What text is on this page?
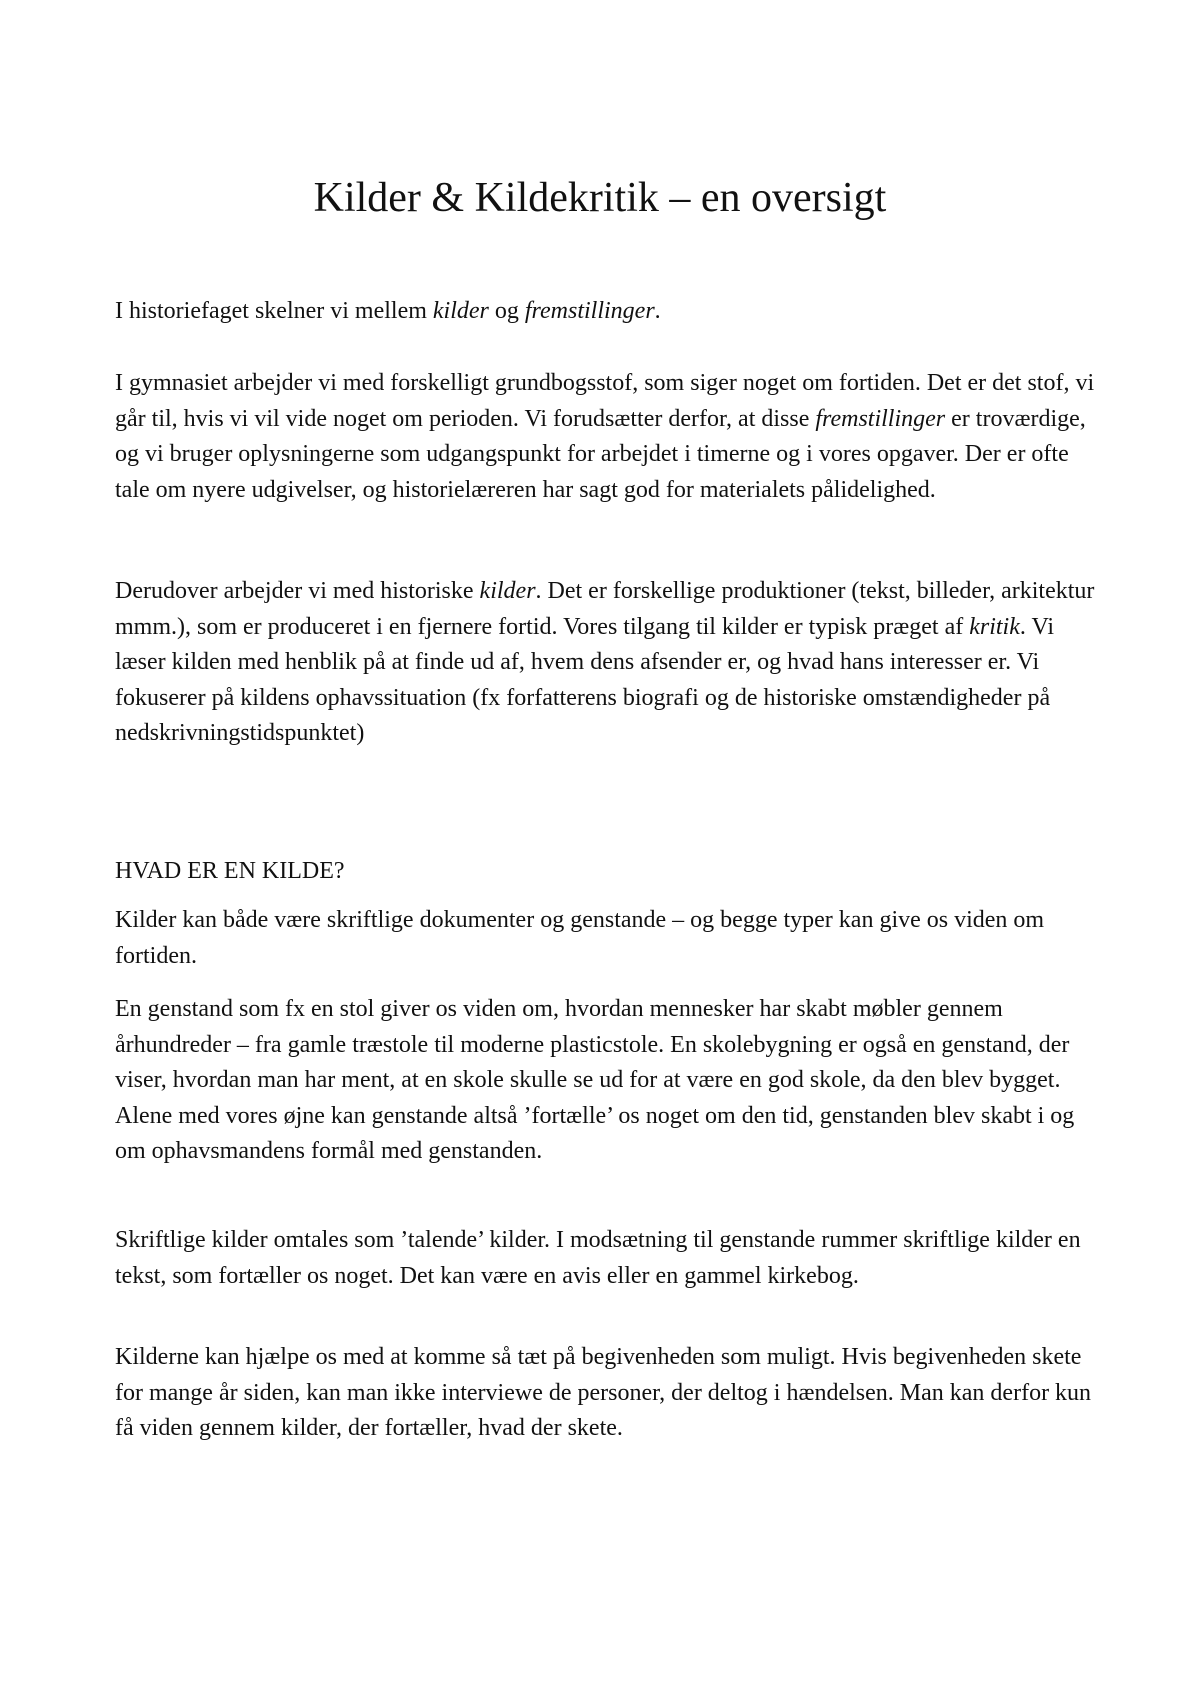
Kilder & Kildekritik – en oversigt

I historiefaget skelner vi mellem kilder og fremstillinger.

I gymnasiet arbejder vi med forskelligt grundbogsstof, som siger noget om fortiden. Det er det stof, vi går til, hvis vi vil vide noget om perioden. Vi forudsætter derfor, at disse fremstillinger er troværdige, og vi bruger oplysningerne som udgangspunkt for arbejdet i timerne og i vores opgaver. Der er ofte tale om nyere udgivelser, og historielæreren har sagt god for materialets pålidelighed.

Derudover arbejder vi med historiske kilder. Det er forskellige produktioner (tekst, billeder, arkitektur mmm.), som er produceret i en fjernere fortid. Vores tilgang til kilder er typisk præget af kritik. Vi læser kilden med henblik på at finde ud af, hvem dens afsender er, og hvad hans interesser er. Vi fokuserer på kildens ophavssituation (fx forfatterens biografi og de historiske omstændigheder på nedskrivningstidspunktet)

HVAD ER EN KILDE?

Kilder kan både være skriftlige dokumenter og genstande – og begge typer kan give os viden om fortiden.

En genstand som fx en stol giver os viden om, hvordan mennesker har skabt møbler gennem århundreder – fra gamle træstole til moderne plasticstole. En skolebygning er også en genstand, der viser, hvordan man har ment, at en skole skulle se ud for at være en god skole, da den blev bygget. Alene med vores øjne kan genstande altså ’fortælle’ os noget om den tid, genstanden blev skabt i og om ophavsmandens formål med genstanden.

Skriftlige kilder omtales som ’talende’ kilder. I modsætning til genstande rummer skriftlige kilder en tekst, som fortæller os noget. Det kan være en avis eller en gammel kirkebog.

Kilderne kan hjælpe os med at komme så tæt på begivenheden som muligt. Hvis begivenheden skete for mange år siden, kan man ikke interviewe de personer, der deltog i hændelsen. Man kan derfor kun få viden gennem kilder, der fortæller, hvad der skete.
